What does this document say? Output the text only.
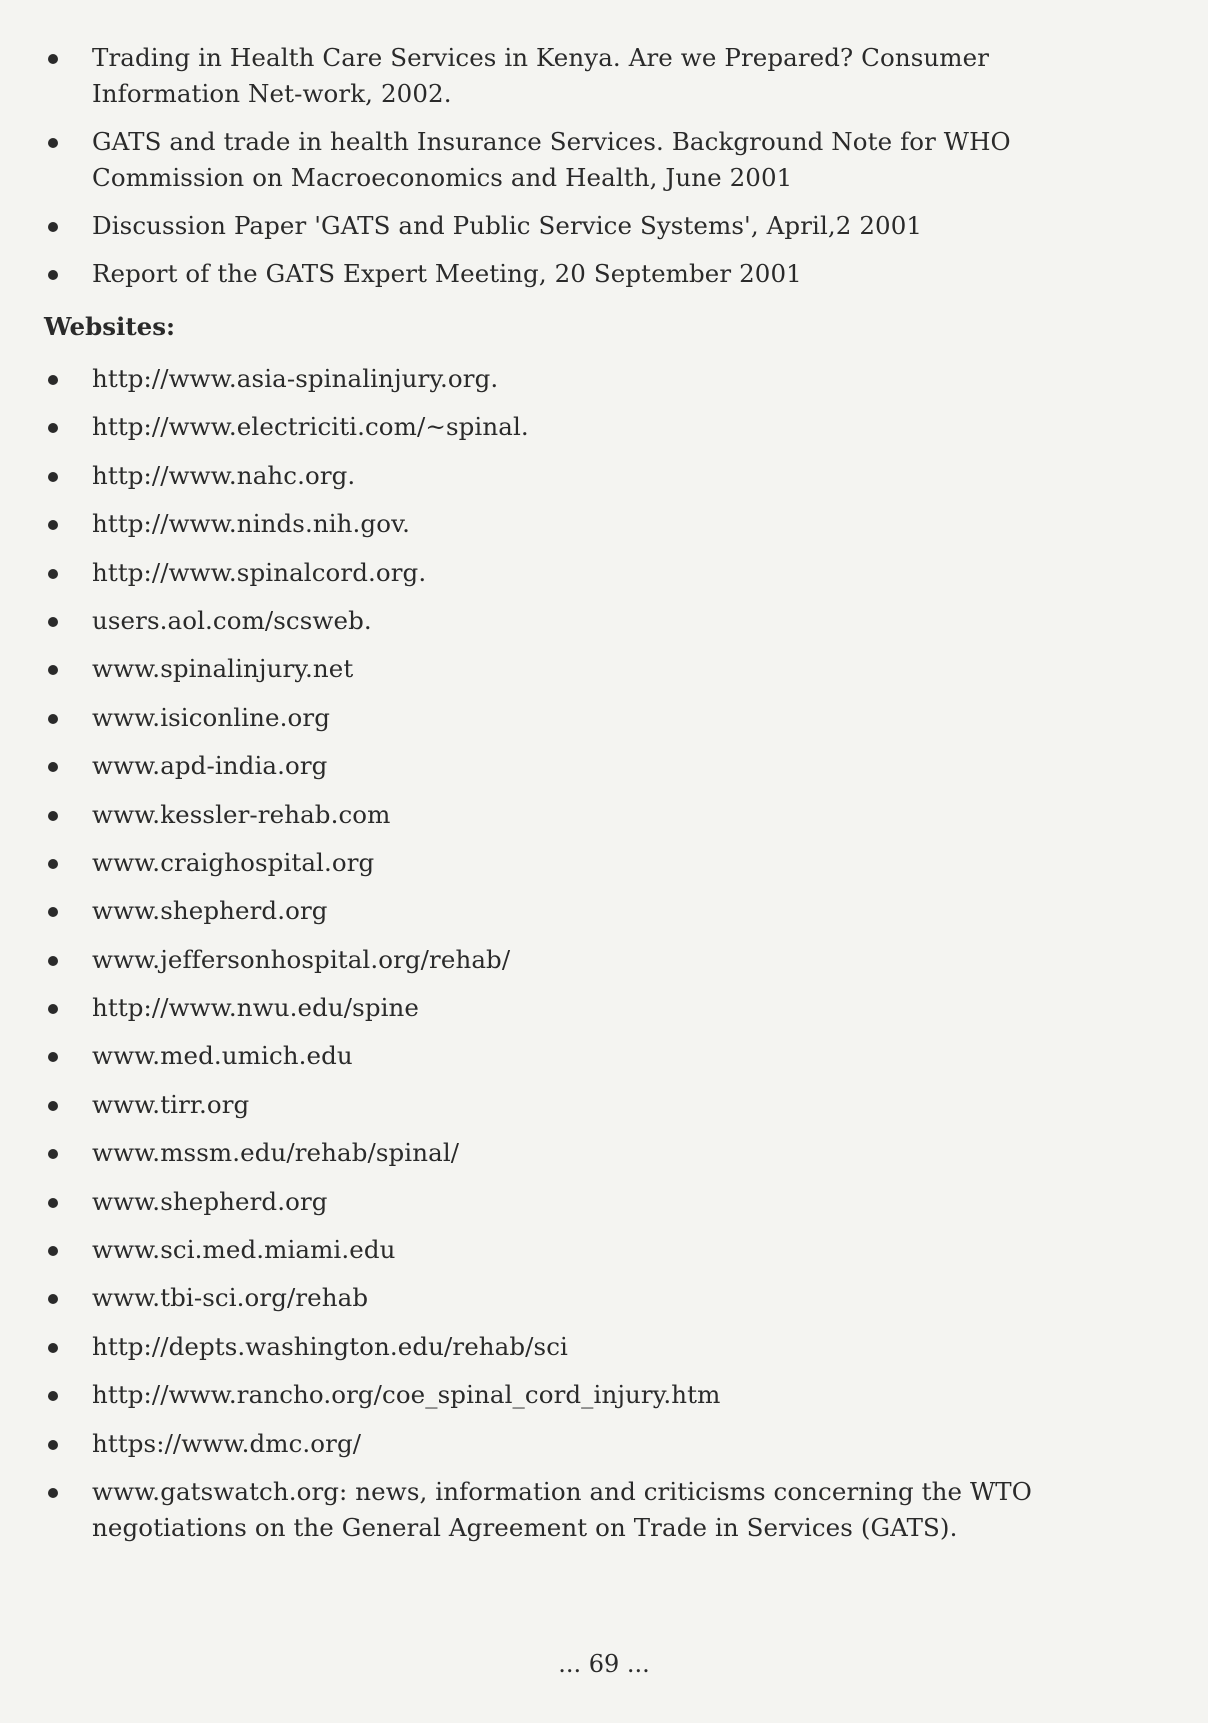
Trading in Health Care Services in Kenya. Are we Prepared? Consumer Information Net-work, 2002.
GATS and trade in health Insurance Services. Background Note for WHO Commission on Macroeconomics and Health, June 2001
Discussion Paper 'GATS and Public Service Systems', April,2 2001
Report of the GATS Expert Meeting, 20 September 2001
Websites:
http://www.asia-spinalinjury.org.
http://www.electriciti.com/~spinal.
http://www.nahc.org.
http://www.ninds.nih.gov.
http://www.spinalcord.org.
users.aol.com/scsweb.
www.spinalinjury.net
www.isiconline.org
www.apd-india.org
www.kessler-rehab.com
www.craighospital.org
www.shepherd.org
www.jeffersonhospital.org/rehab/
http://www.nwu.edu/spine
www.med.umich.edu
www.tirr.org
www.mssm.edu/rehab/spinal/
www.shepherd.org
www.sci.med.miami.edu
www.tbi-sci.org/rehab
http://depts.washington.edu/rehab/sci
http://www.rancho.org/coe_spinal_cord_injury.htm
https://www.dmc.org/
www.gatswatch.org: news, information and criticisms concerning the WTO negotiations on the General Agreement on Trade in Services (GATS).
... 69 ...
